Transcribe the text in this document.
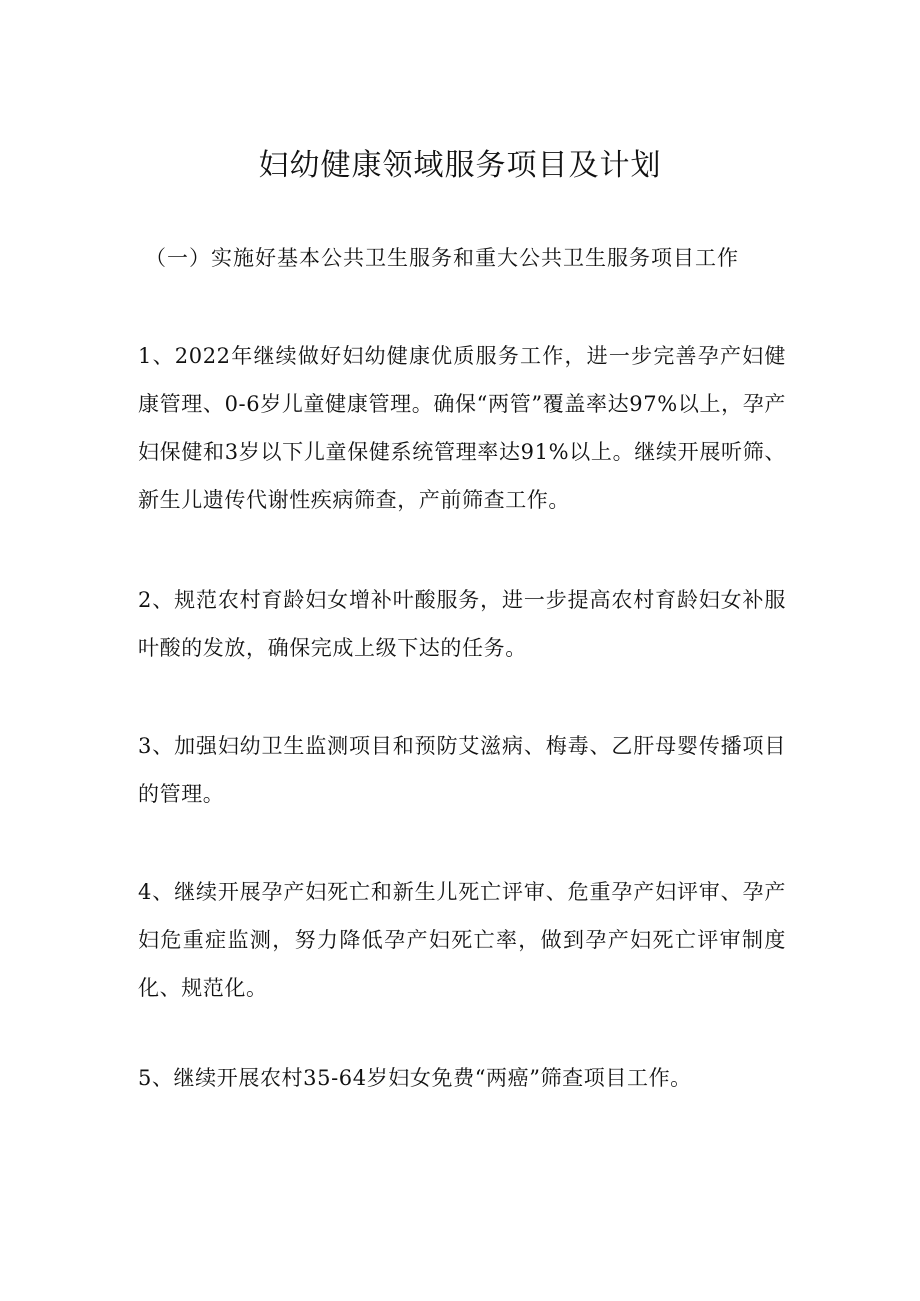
妇幼健康领域服务项目及计划

（一）实施好基本公共卫生服务和重大公共卫生服务项目工作

1、2022年继续做好妇幼健康优质服务工作，进一步完善孕产妇健康管理、0-6岁儿童健康管理。确保“两管”覆盖率达97%以上，孕产妇保健和3岁以下儿童保健系统管理率达91%以上。继续开展听筛、新生儿遗传代谢性疾病筛查，产前筛查工作。

2、规范农村育龄妇女增补叶酸服务，进一步提高农村育龄妇女补服叶酸的发放，确保完成上级下达的任务。

3、加强妇幼卫生监测项目和预防艾滋病、梅毒、乙肝母婴传播项目的管理。

4、继续开展孕产妇死亡和新生儿死亡评审、危重孕产妇评审、孕产妇危重症监测，努力降低孕产妇死亡率，做到孕产妇死亡评审制度化、规范化。

5、继续开展农村35-64岁妇女免费“两癌”筛查项目工作。
